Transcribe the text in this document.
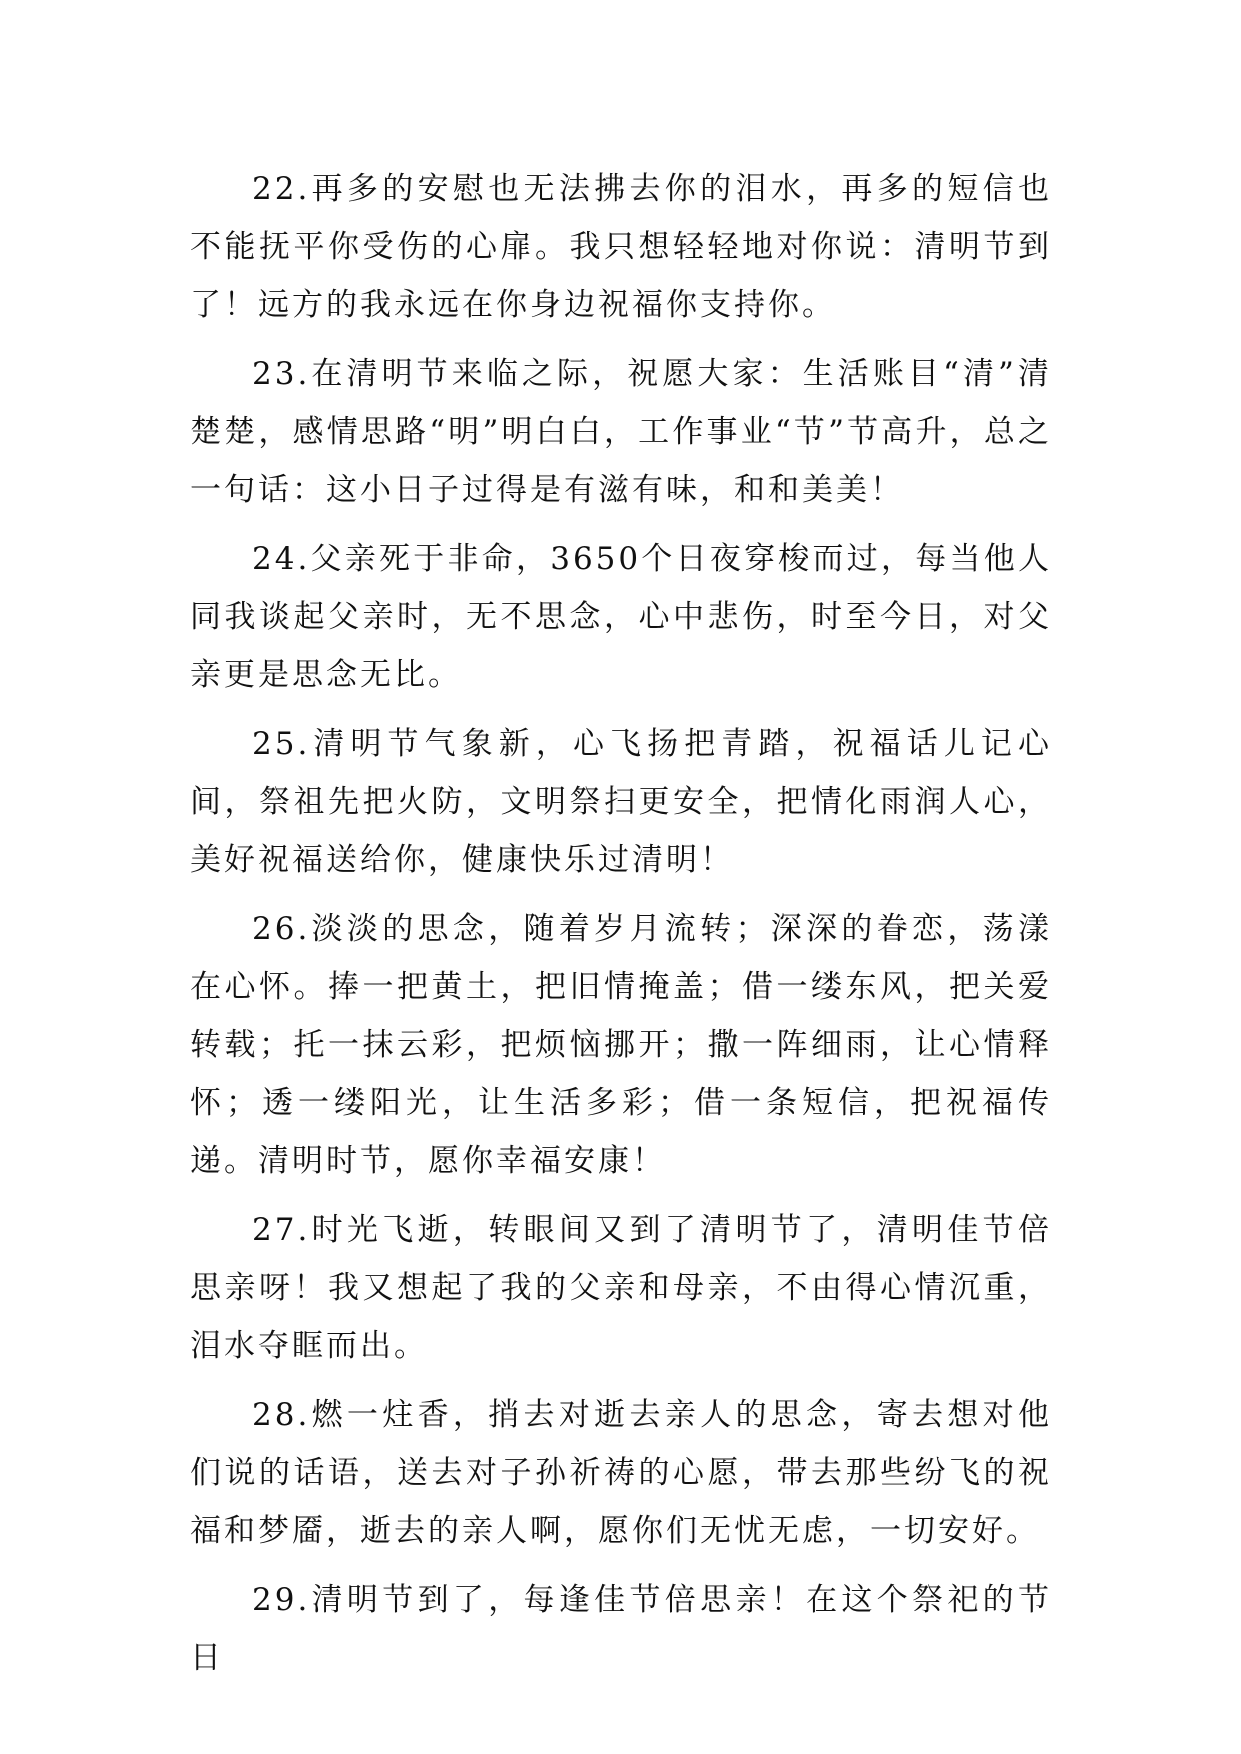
22.再多的安慰也无法拂去你的泪水，再多的短信也不能抚平你受伤的心扉。我只想轻轻地对你说：清明节到了！远方的我永远在你身边祝福你支持你。

23.在清明节来临之际，祝愿大家：生活账目“清”清楚楚，感情思路“明”明白白，工作事业“节”节高升，总之一句话：这小日子过得是有滋有味，和和美美！

24.父亲死于非命，3650个日夜穿梭而过，每当他人同我谈起父亲时，无不思念，心中悲伤，时至今日，对父亲更是思念无比。

25.清明节气象新，心飞扬把青踏，祝福话儿记心间，祭祖先把火防，文明祭扫更安全，把情化雨润人心，美好祝福送给你，健康快乐过清明！

26.淡淡的思念，随着岁月流转；深深的眷恋，荡漾在心怀。捧一把黄土，把旧情掩盖；借一缕东风，把关爱转载；托一抹云彩，把烦恼挪开；撒一阵细雨，让心情释怀；透一缕阳光，让生活多彩；借一条短信，把祝福传递。清明时节，愿你幸福安康！

27.时光飞逝，转眼间又到了清明节了，清明佳节倍思亲呀！我又想起了我的父亲和母亲，不由得心情沉重，泪水夺眶而出。

28.燃一炷香，捎去对逝去亲人的思念，寄去想对他们说的话语，送去对子孙祈祷的心愿，带去那些纷飞的祝福和梦靥，逝去的亲人啊，愿你们无忧无虑，一切安好。

29.清明节到了，每逢佳节倍思亲！在这个祭祀的节日
